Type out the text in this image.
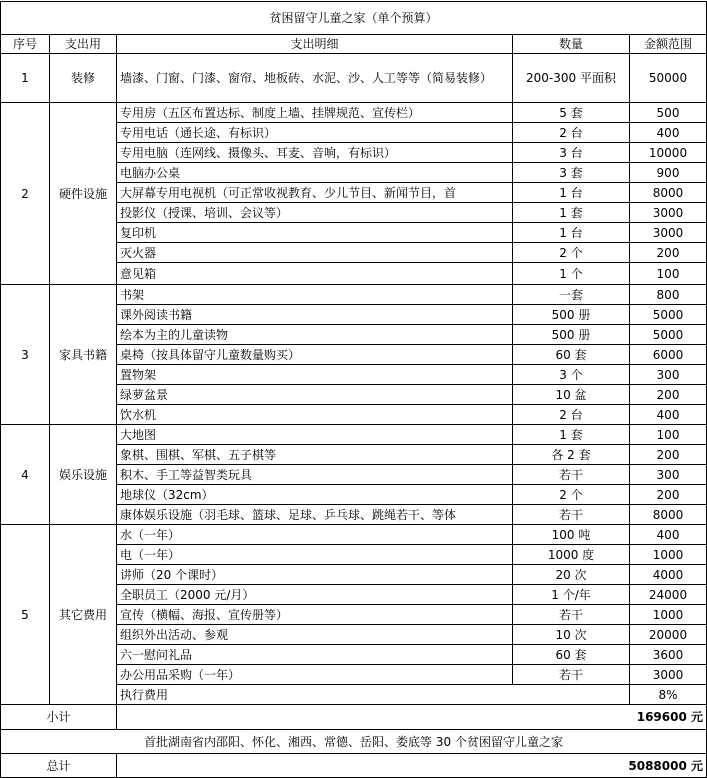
贫困留守儿童之家（单个预算）				
序号	支出用	支出明细	数量	金额范围
1	装修	墙漆、门窗、门漆、窗帘、地板砖、水泥、沙、人工等等（简易装修）	200-300 平面积	50000
2	硬件设施	专用房（五区布置达标、制度上墙、挂牌规范、宣传栏）	5 套	500
		专用电话（通长途、有标识）	2 台	400
		专用电脑（连网线、摄像头、耳麦、音响，有标识）	3 台	10000
		电脑办公桌	3 套	900
		大屏幕专用电视机（可正常收视教育、少儿节目、新闻节目，首	1 台	8000
		投影仪（授课、培训、会议等）	1 套	3000
		复印机	1 台	3000
		灭火器	2 个	200
		意见箱	1 个	100
3	家具书籍	书架	一套	800
		课外阅读书籍	500 册	5000
		绘本为主的儿童读物	500 册	5000
		桌椅（按具体留守儿童数量购买）	60 套	6000
		置物架	3 个	300
		绿萝盆景	10 盆	200
		饮水机	2 台	400
4	娱乐设施	大地图	1 套	100
		象棋、围棋、军棋、五子棋等	各 2 套	200
		积木、手工等益智类玩具	若干	300
		地球仪（32cm）	2 个	200
		康体娱乐设施（羽毛球、篮球、足球、乒乓球、跳绳若干、等体	若干	8000
5	其它费用	水（一年）	100 吨	400
		电（一年）	1000 度	1000
		讲师（20 个课时）	20 次	4000
		全职员工（2000 元/月）	1 个/年	24000
		宣传（横幅、海报、宣传册等）	若干	1000
		组织外出活动、参观	10 次	20000
		六一慰问礼品	60 套	3600
		办公用品采购（一年）	若干	3000
		执行费用		8%
小计		169600 元		
首批湖南省内邵阳、怀化、湘西、常德、岳阳、娄底等 30 个贫困留守儿童之家				
总计		5088000 元		
